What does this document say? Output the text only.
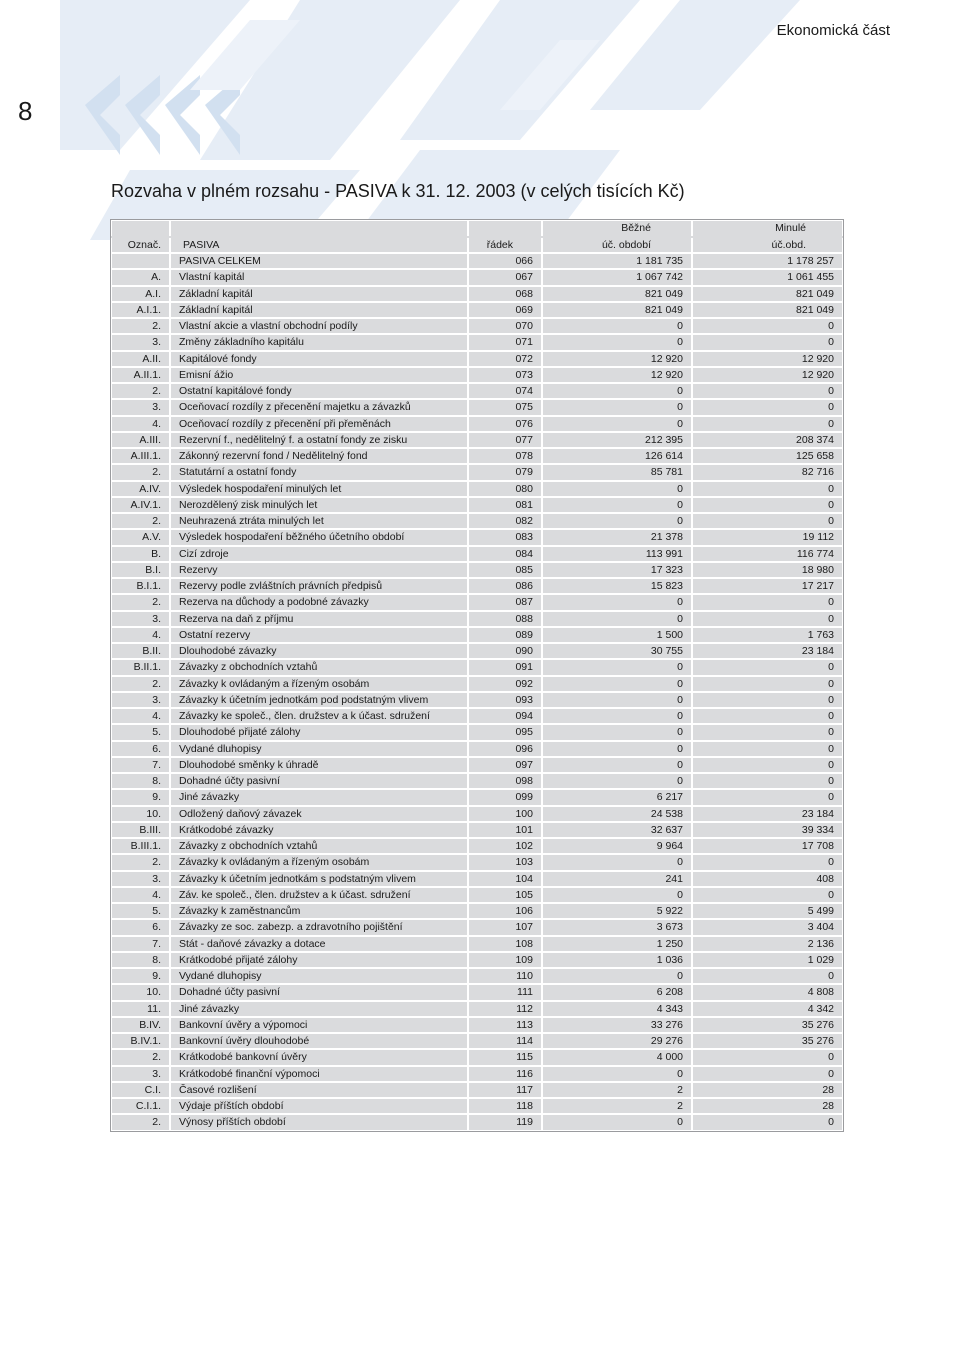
Ekonomická část
8
Rozvaha v plném rozsahu - PASIVA k 31. 12. 2003 (v celých tisících Kč)
			Běžné	Minulé
Označ.	PASIVA	řádek	úč. období	úč.obd.
	PASIVA CELKEM	066	1 181 735	1 178 257
A.	Vlastní kapitál	067	1 067 742	1 061 455
A.I.	Základní kapitál	068	821 049	821 049
A.I.1.	Základní kapitál	069	821 049	821 049
2.	Vlastní akcie a vlastní obchodní podíly	070	0	0
3.	Změny základního kapitálu	071	0	0
A.II.	Kapitálové fondy	072	12 920	12 920
A.II.1.	Emisní ážio	073	12 920	12 920
2.	Ostatní kapitálové fondy	074	0	0
3.	Oceňovací rozdíly z přecenění majetku a závazků	075	0	0
4.	Oceňovací rozdíly z přecenění při přeměnách	076	0	0
A.III.	Rezervní f., nedělitelný f. a ostatní fondy ze zisku	077	212 395	208 374
A.III.1.	Zákonný rezervní fond / Nedělitelný fond	078	126 614	125 658
2.	Statutární a ostatní fondy	079	85 781	82 716
A.IV.	Výsledek hospodaření minulých let	080	0	0
A.IV.1.	Nerozdělený zisk minulých let	081	0	0
2.	Neuhrazená ztráta minulých let	082	0	0
A.V.	Výsledek hospodaření běžného účetního období	083	21 378	19 112
B.	Cizí zdroje	084	113 991	116 774
B.I.	Rezervy	085	17 323	18 980
B.I.1.	Rezervy podle zvláštních právních předpisů	086	15 823	17 217
2.	Rezerva na důchody a podobné závazky	087	0	0
3.	Rezerva na daň z příjmu	088	0	0
4.	Ostatní rezervy	089	1 500	1 763
B.II.	Dlouhodobé závazky	090	30 755	23 184
B.II.1.	Závazky z obchodních vztahů	091	0	0
2.	Závazky k ovládaným a řízeným osobám	092	0	0
3.	Závazky k účetním jednotkám pod podstatným vlivem	093	0	0
4.	Závazky ke společ., člen. družstev a k účast. sdružení	094	0	0
5.	Dlouhodobé přijaté zálohy	095	0	0
6.	Vydané dluhopisy	096	0	0
7.	Dlouhodobé směnky k úhradě	097	0	0
8.	Dohadné účty pasivní	098	0	0
9.	Jiné závazky	099	6 217	0
10.	Odložený daňový závazek	100	24 538	23 184
B.III.	Krátkodobé závazky	101	32 637	39 334
B.III.1.	Závazky z obchodních vztahů	102	9 964	17 708
2.	Závazky k ovládaným a řízeným osobám	103	0	0
3.	Závazky k účetním jednotkám s podstatným vlivem	104	241	408
4.	Záv. ke společ., člen. družstev a k účast. sdružení	105	0	0
5.	Závazky k zaměstnancům	106	5 922	5 499
6.	Závazky ze soc. zabezp. a zdravotního pojištění	107	3 673	3 404
7.	Stát - daňové závazky a dotace	108	1 250	2 136
8.	Krátkodobé přijaté zálohy	109	1 036	1 029
9.	Vydané dluhopisy	110	0	0
10.	Dohadné účty pasivní	111	6 208	4 808
11.	Jiné závazky	112	4 343	4 342
B.IV.	Bankovní úvěry a výpomoci	113	33 276	35 276
B.IV.1.	Bankovní úvěry dlouhodobé	114	29 276	35 276
2.	Krátkodobé bankovní úvěry	115	4 000	0
3.	Krátkodobé finanční výpomoci	116	0	0
C.I.	Časové rozlišení	117	2	28
C.I.1.	Výdaje příštích období	118	2	28
2.	Výnosy příštích období	119	0	0
